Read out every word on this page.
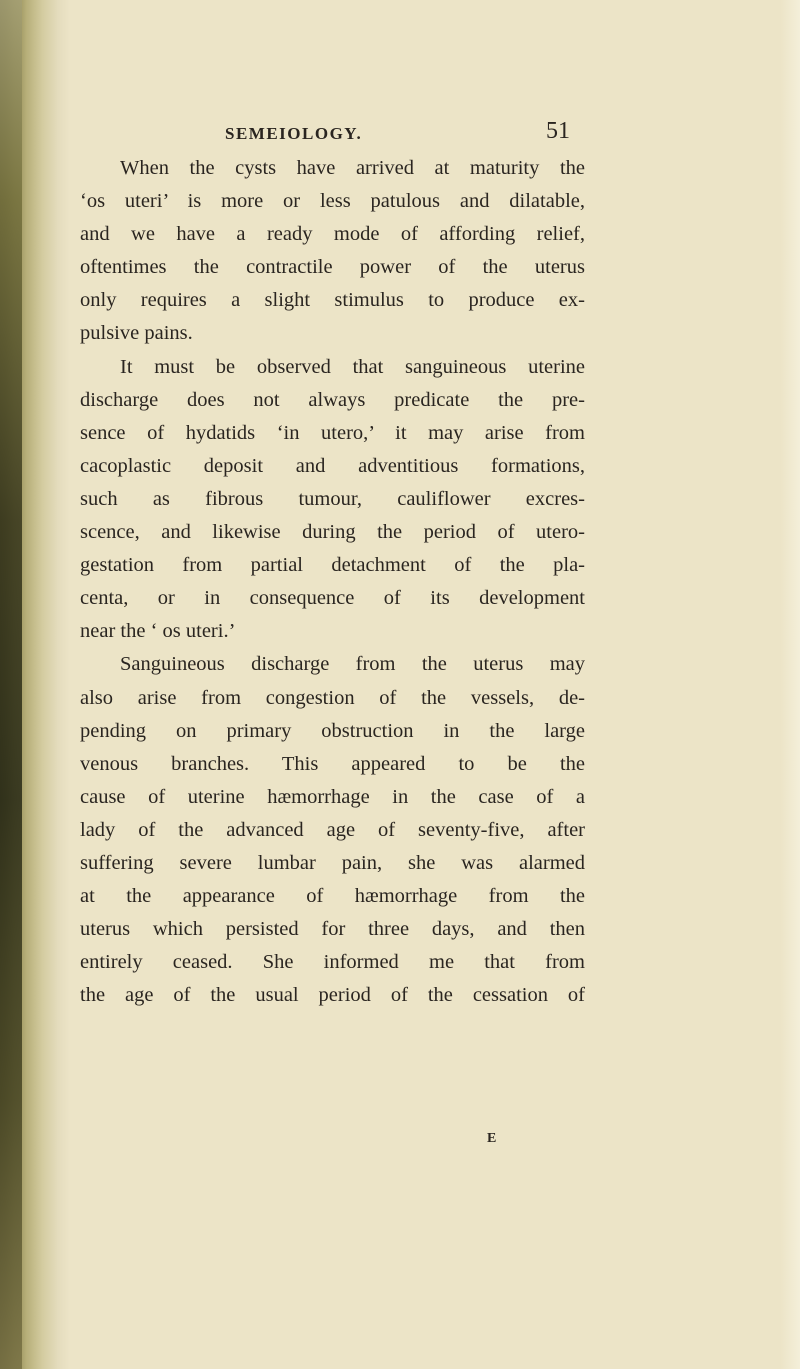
SEMEIOLOGY.	51
When the cysts have arrived at maturity the
‘os uteri’ is more or less patulous and dilatable,
and we have a ready mode of affording relief,
oftentimes the contractile power of the uterus
only requires a slight stimulus to produce ex-
pulsive pains.
It must be observed that sanguineous uterine
discharge does not always predicate the pre-
sence of hydatids ‘in utero,’ it may arise from
cacoplastic deposit and adventitious formations,
such as fibrous tumour, cauliflower excres-
scence, and likewise during the period of utero-
gestation from partial detachment of the pla-
centa, or in consequence of its development
near the ‘ os uteri.’
Sanguineous discharge from the uterus may
also arise from congestion of the vessels, de-
pending on primary obstruction in the large
venous branches. This appeared to be the
cause of uterine hæmorrhage in the case of a
lady of the advanced age of seventy-five, after
suffering severe lumbar pain, she was alarmed
at the appearance of hæmorrhage from the
uterus which persisted for three days, and then
entirely ceased. She informed me that from
the age of the usual period of the cessation of
E
